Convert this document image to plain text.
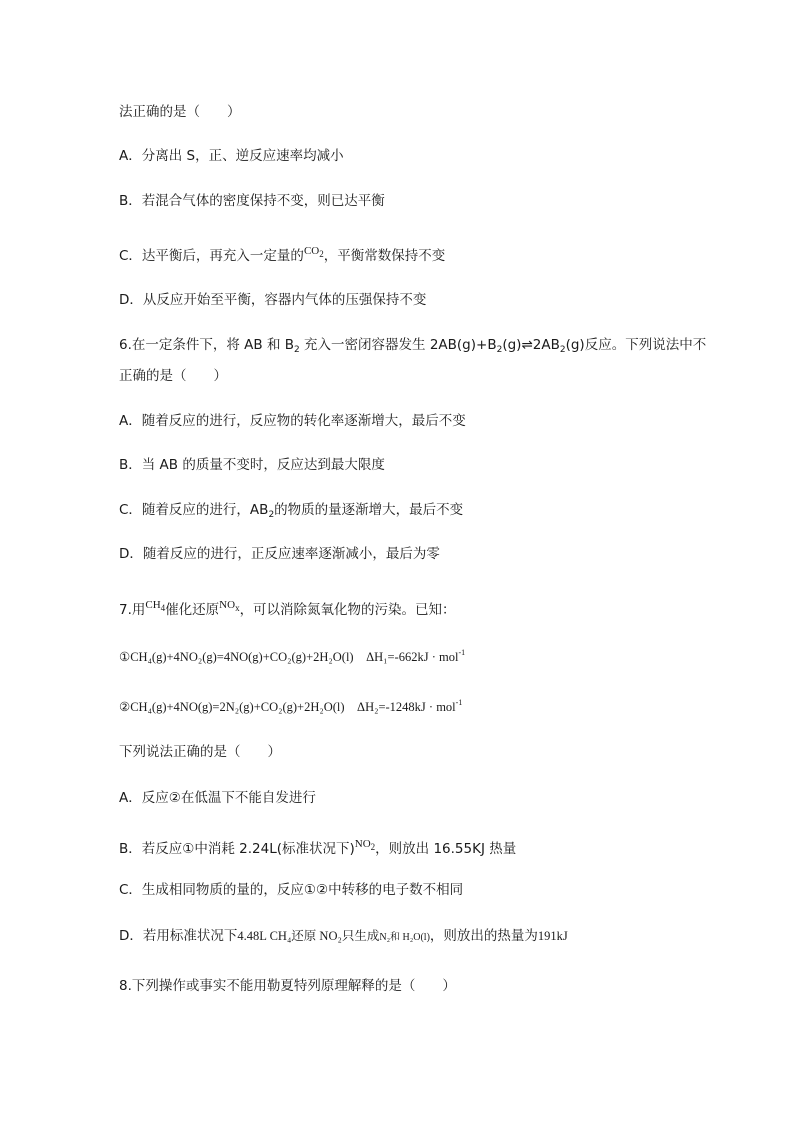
法正确的是（　　）
A．分离出 S，正、逆反应速率均减小
B．若混合气体的密度保持不变，则已达平衡
C．达平衡后，再充入一定量的$^{CO_2}$，平衡常数保持不变
D．从反应开始至平衡，容器内气体的压强保持不变
6.在一定条件下，将 AB 和 $B_2$ 充入一密闭容器发生 $2AB(g)+B_2(g)\rightleftharpoons 2AB_2(g)$反应。下列说法中不
正确的是（　　）
A．随着反应的进行，反应物的转化率逐渐增大，最后不变
B．当 AB 的质量不变时，反应达到最大限度
C．随着反应的进行，$AB_2$的物质的量逐渐增大，最后不变
D．随着反应的进行，正反应速率逐渐减小，最后为零
7.用$^{CH_4}$催化还原$^{NO_x}$，可以消除氮氧化物的污染。已知：
①CH₄(g)+4NO₂(g)=4NO(g)+CO₂(g)+2H₂O(l)　ΔH₁=-662kJ · mol$^{-1}$
②CH₄(g)+4NO(g)=2N₂(g)+CO₂(g)+2H₂O(l)　ΔH₂=-1248kJ · mol$^{-1}$
下列说法正确的是（　　）
A．反应②在低温下不能自发进行
B．若反应①中消耗 2.24L(标准状况下)$^{NO_2}$，则放出 16.55KJ 热量
C．生成相同物质的量的，反应①②中转移的电子数不相同
D．若用标准状况下4.48L CH₄还原 NO₂只生成N₂和 H₂O(l)，则放出的热量为191kJ
8.下列操作或事实不能用勒夏特列原理解释的是（　　）
